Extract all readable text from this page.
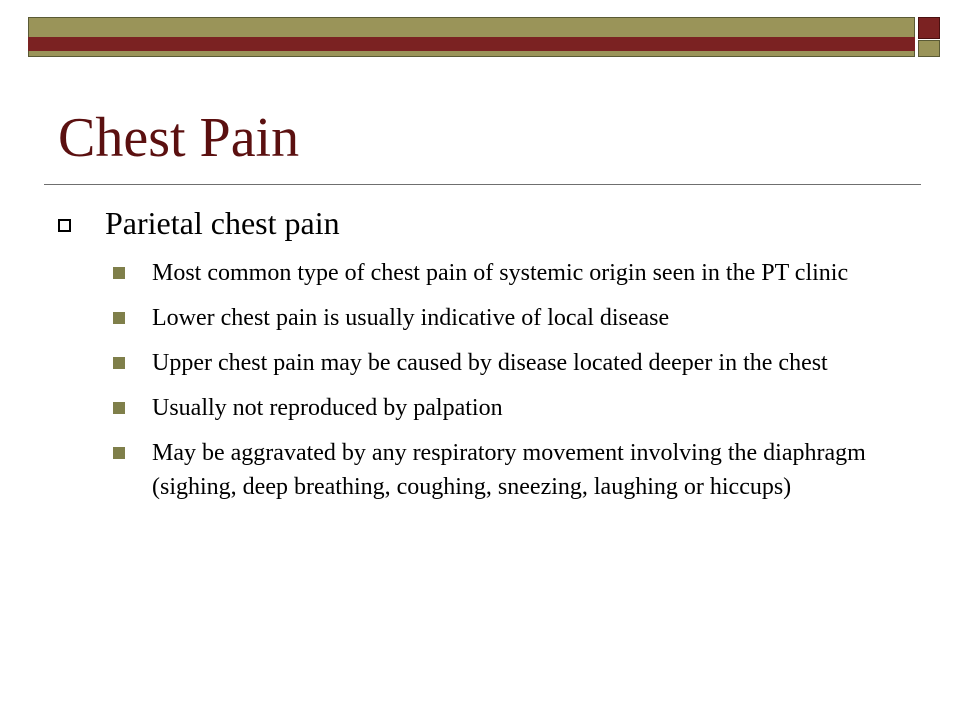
Chest Pain
Parietal chest pain
Most common type of chest pain of systemic origin seen in the PT clinic
Lower chest pain is usually indicative of local disease
Upper chest pain may be caused by disease located deeper in the chest
Usually not reproduced by palpation
May be aggravated by any respiratory movement involving the diaphragm (sighing, deep breathing, coughing, sneezing, laughing or hiccups)
